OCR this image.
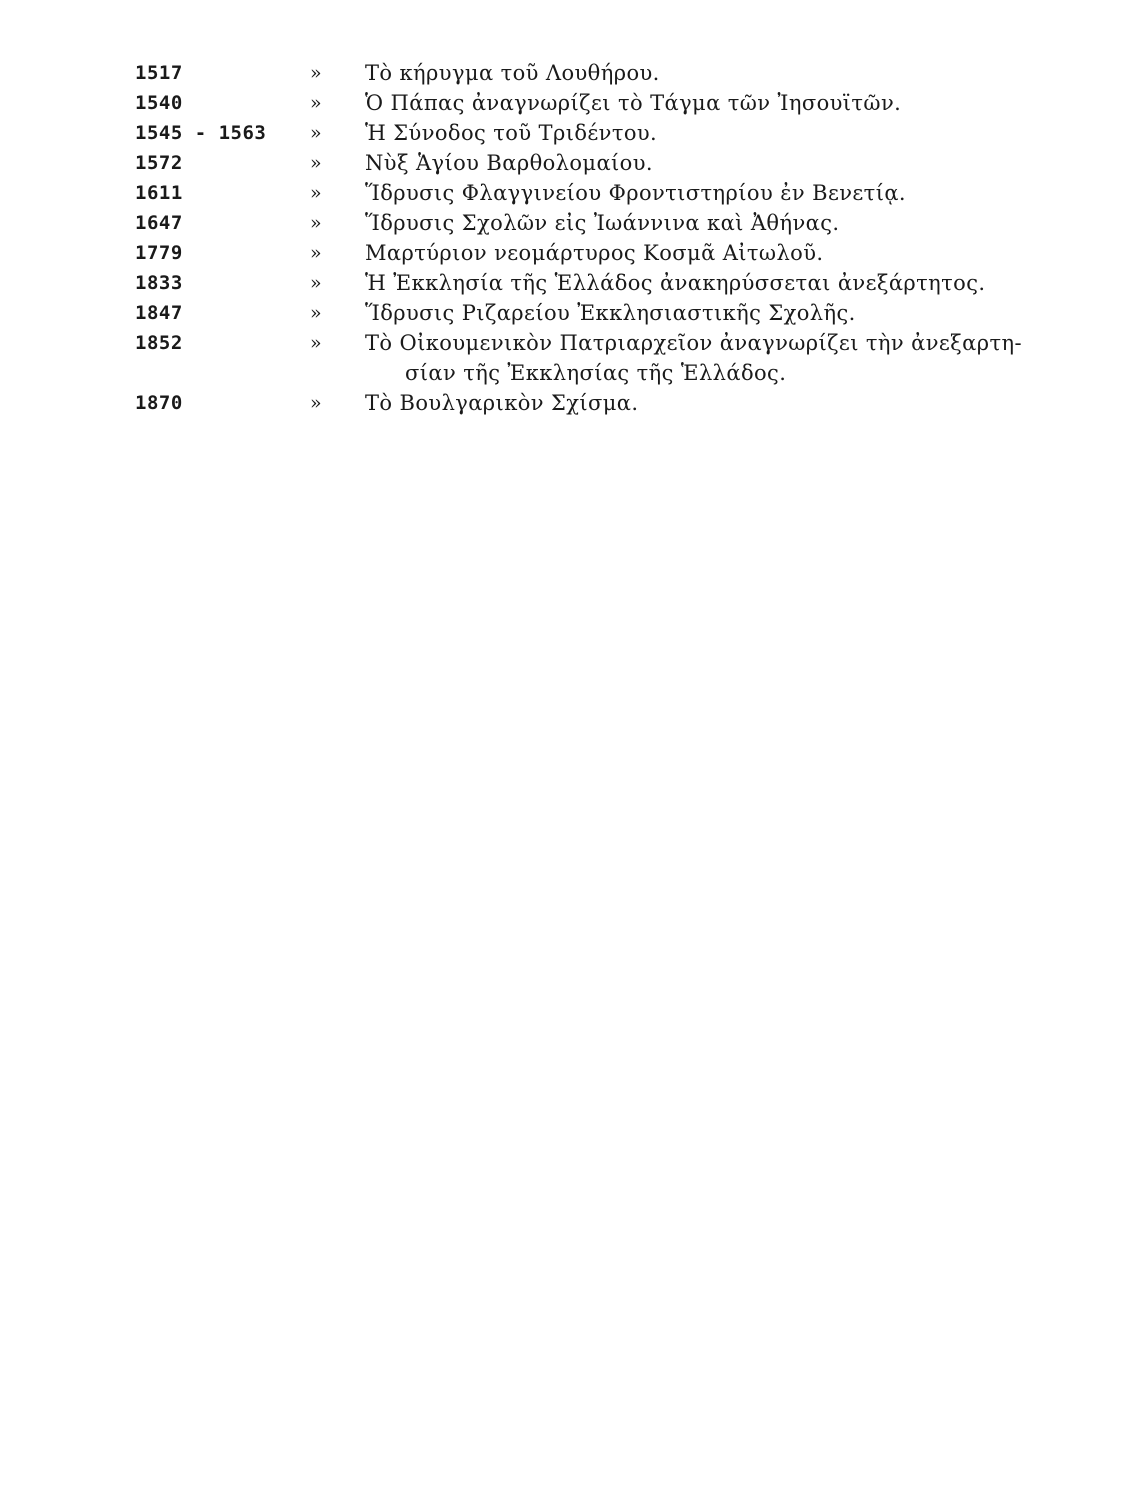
1517	»	Τὸ κήρυγμα τοῦ Λουθήρου.
1540	»	Ὁ Πάπας ἀναγνωρίζει τὸ Τάγμα τῶν Ἰησουϊτῶν.
1545 - 1563	»	Ἡ Σύνοδος τοῦ Τριδέντου.
1572	»	Νὺξ Ἁγίου Βαρθολομαίου.
1611	»	Ἵδρυσις Φλαγγινείου Φροντιστηρίου ἐν Βενετίᾳ.
1647	»	Ἵδρυσις Σχολῶν εἰς Ἰωάννινα καὶ Ἀθήνας.
1779	»	Μαρτύριον νεομάρτυρος Κοσμᾶ Αἰτωλοῦ.
1833	»	Ἡ Ἐκκλησία τῆς Ἑλλάδος ἀνακηρύσσεται ἀνεξάρτητος.
1847	»	Ἵδρυσις Ριζαρείου Ἐκκλησιαστικῆς Σχολῆς.
1852	»	Τὸ Οἰκουμενικὸν Πατριαρχεῖον ἀναγνωρίζει τὴν ἀνεξαρτη-
σίαν τῆς Ἐκκλησίας τῆς Ἑλλάδος.
1870	»	Τὸ Βουλγαρικὸν Σχίσμα.
